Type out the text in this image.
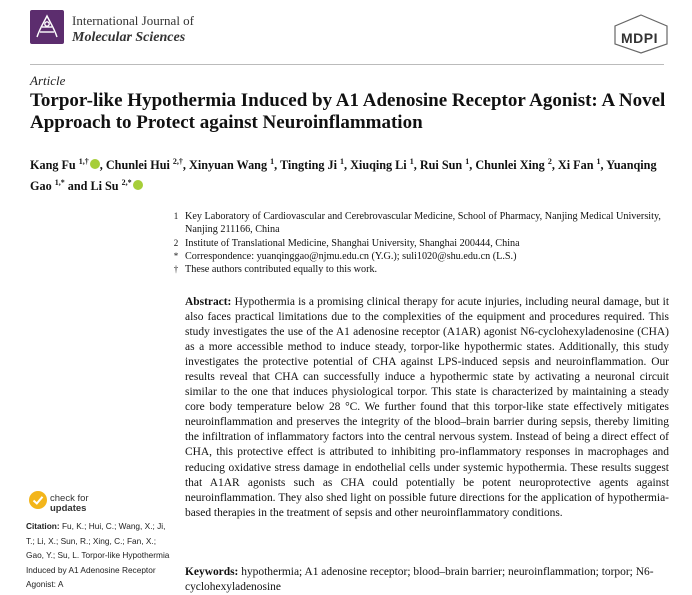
International Journal of
Molecular Sciences	MDPI
Article
Torpor-like Hypothermia Induced by A1 Adenosine Receptor Agonist: A Novel Approach to Protect against Neuroinflammation
Kang Fu $^{1,\dagger}$ , Chunlei Hui $^{2,\dagger}$, Xinyuan Wang $^1$, Tingting Ji $^1$, Xiuqing Li $^1$, Rui Sun $^1$, Chunlei Xing $^2$, Xi Fan $^1$, Yuanqing Gao $^{1,*}$ and Li Su $^{2,*}$
1 Key Laboratory of Cardiovascular and Cerebrovascular Medicine, School of Pharmacy, Nanjing Medical University, Nanjing 211166, China
2 Institute of Translational Medicine, Shanghai University, Shanghai 200444, China
* Correspondence: yuanqinggao@njmu.edu.cn (Y.G.); suli1020@shu.edu.cn (L.S.)
† These authors contributed equally to this work.
Abstract: Hypothermia is a promising clinical therapy for acute injuries, including neural damage, but it also faces practical limitations due to the complexities of the equipment and procedures required. This study investigates the use of the A1 adenosine receptor (A1AR) agonist N6-cyclohexyladenosine (CHA) as a more accessible method to induce steady, torpor-like hypothermic states. Additionally, this study investigates the protective potential of CHA against LPS-induced sepsis and neuroinflammation. Our results reveal that CHA can successfully induce a hypothermic state by activating a neuronal circuit similar to the one that induces physiological torpor. This state is characterized by maintaining a steady core body temperature below 28 °C. We further found that this torpor-like state effectively mitigates neuroinflammation and preserves the integrity of the blood–brain barrier during sepsis, thereby limiting the infiltration of inflammatory factors into the central nervous system. Instead of being a direct effect of CHA, this protective effect is attributed to inhibiting pro-inflammatory responses in macrophages and reducing oxidative stress damage in endothelial cells under systemic hypothermia. These results suggest that A1AR agonists such as CHA could potentially be potent neuroprotective agents against neuroinflammation. They also shed light on possible future directions for the application of hypothermia-based therapies in the treatment of sepsis and other neuroinflammatory conditions.
Keywords: hypothermia; A1 adenosine receptor; blood–brain barrier; neuroinflammation; torpor; N6-cyclohexyladenosine
check for
updates
Citation: Fu, K.; Hui, C.; Wang, X.; Ji, T.; Li, X.; Sun, R.; Xing, C.; Fan, X.; Gao, Y.; Su, L. Torpor-like Hypothermia Induced by A1 Adenosine Receptor Agonist: A
